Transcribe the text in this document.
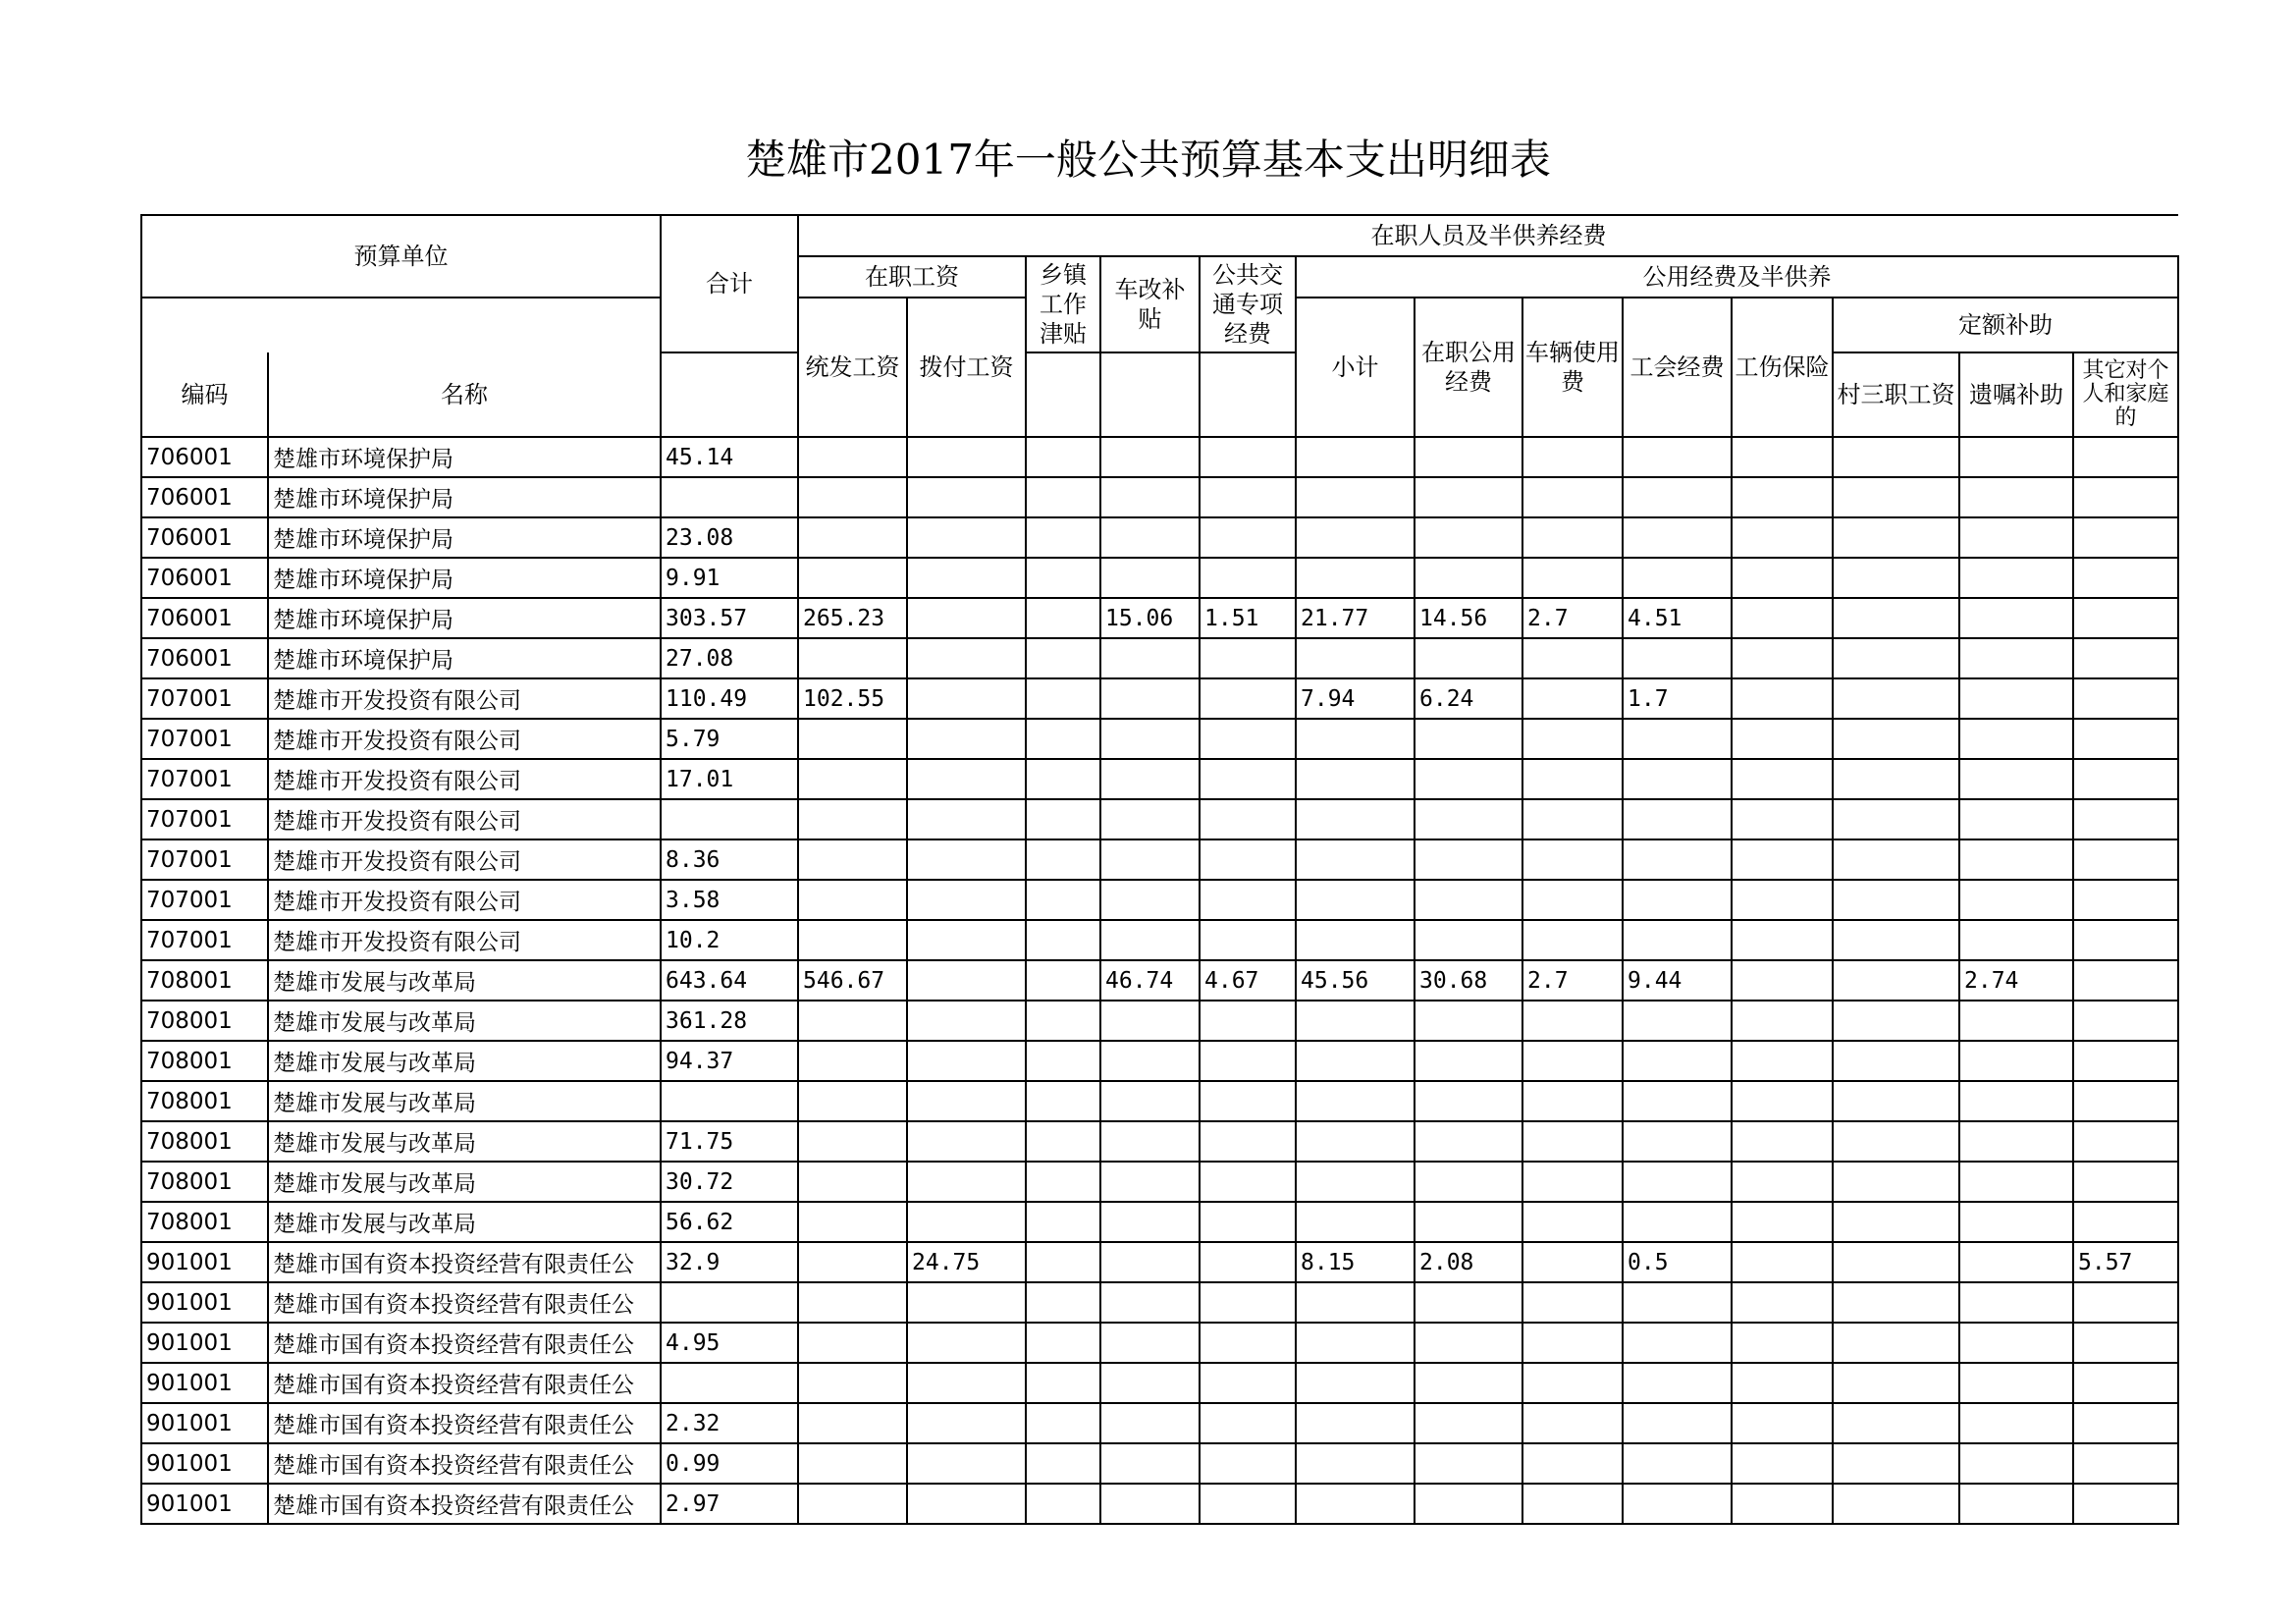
楚雄市2017年一般公共预算基本支出明细表
预算单位		合计	在职人员及半供养经费												
			在职工资		乡镇工作津贴	车改补贴	公共交通专项经费	公用经费及半供养							
			统发工资	拨付工资				小计	在职公用经费	车辆使用费	工会经费	工伤保险	定额补助		
编码	名称												村三职工资	遗嘱补助	其它对个人和家庭的
706001	楚雄市环境保护局	45.14													
706001	楚雄市环境保护局														
706001	楚雄市环境保护局	23.08													
706001	楚雄市环境保护局	9.91													
706001	楚雄市环境保护局	303.57	265.23			15.06	1.51	21.77	14.56	2.7	4.51				
706001	楚雄市环境保护局	27.08													
707001	楚雄市开发投资有限公司	110.49	102.55					7.94	6.24		1.7				
707001	楚雄市开发投资有限公司	5.79													
707001	楚雄市开发投资有限公司	17.01													
707001	楚雄市开发投资有限公司														
707001	楚雄市开发投资有限公司	8.36													
707001	楚雄市开发投资有限公司	3.58													
707001	楚雄市开发投资有限公司	10.2													
708001	楚雄市发展与改革局	643.64	546.67			46.74	4.67	45.56	30.68	2.7	9.44			2.74	
708001	楚雄市发展与改革局	361.28													
708001	楚雄市发展与改革局	94.37													
708001	楚雄市发展与改革局														
708001	楚雄市发展与改革局	71.75													
708001	楚雄市发展与改革局	30.72													
708001	楚雄市发展与改革局	56.62													
901001	楚雄市国有资本投资经营有限责任公	32.9		24.75				8.15	2.08		0.5				5.57
901001	楚雄市国有资本投资经营有限责任公														
901001	楚雄市国有资本投资经营有限责任公	4.95													
901001	楚雄市国有资本投资经营有限责任公														
901001	楚雄市国有资本投资经营有限责任公	2.32													
901001	楚雄市国有资本投资经营有限责任公	0.99													
901001	楚雄市国有资本投资经营有限责任公	2.97													
